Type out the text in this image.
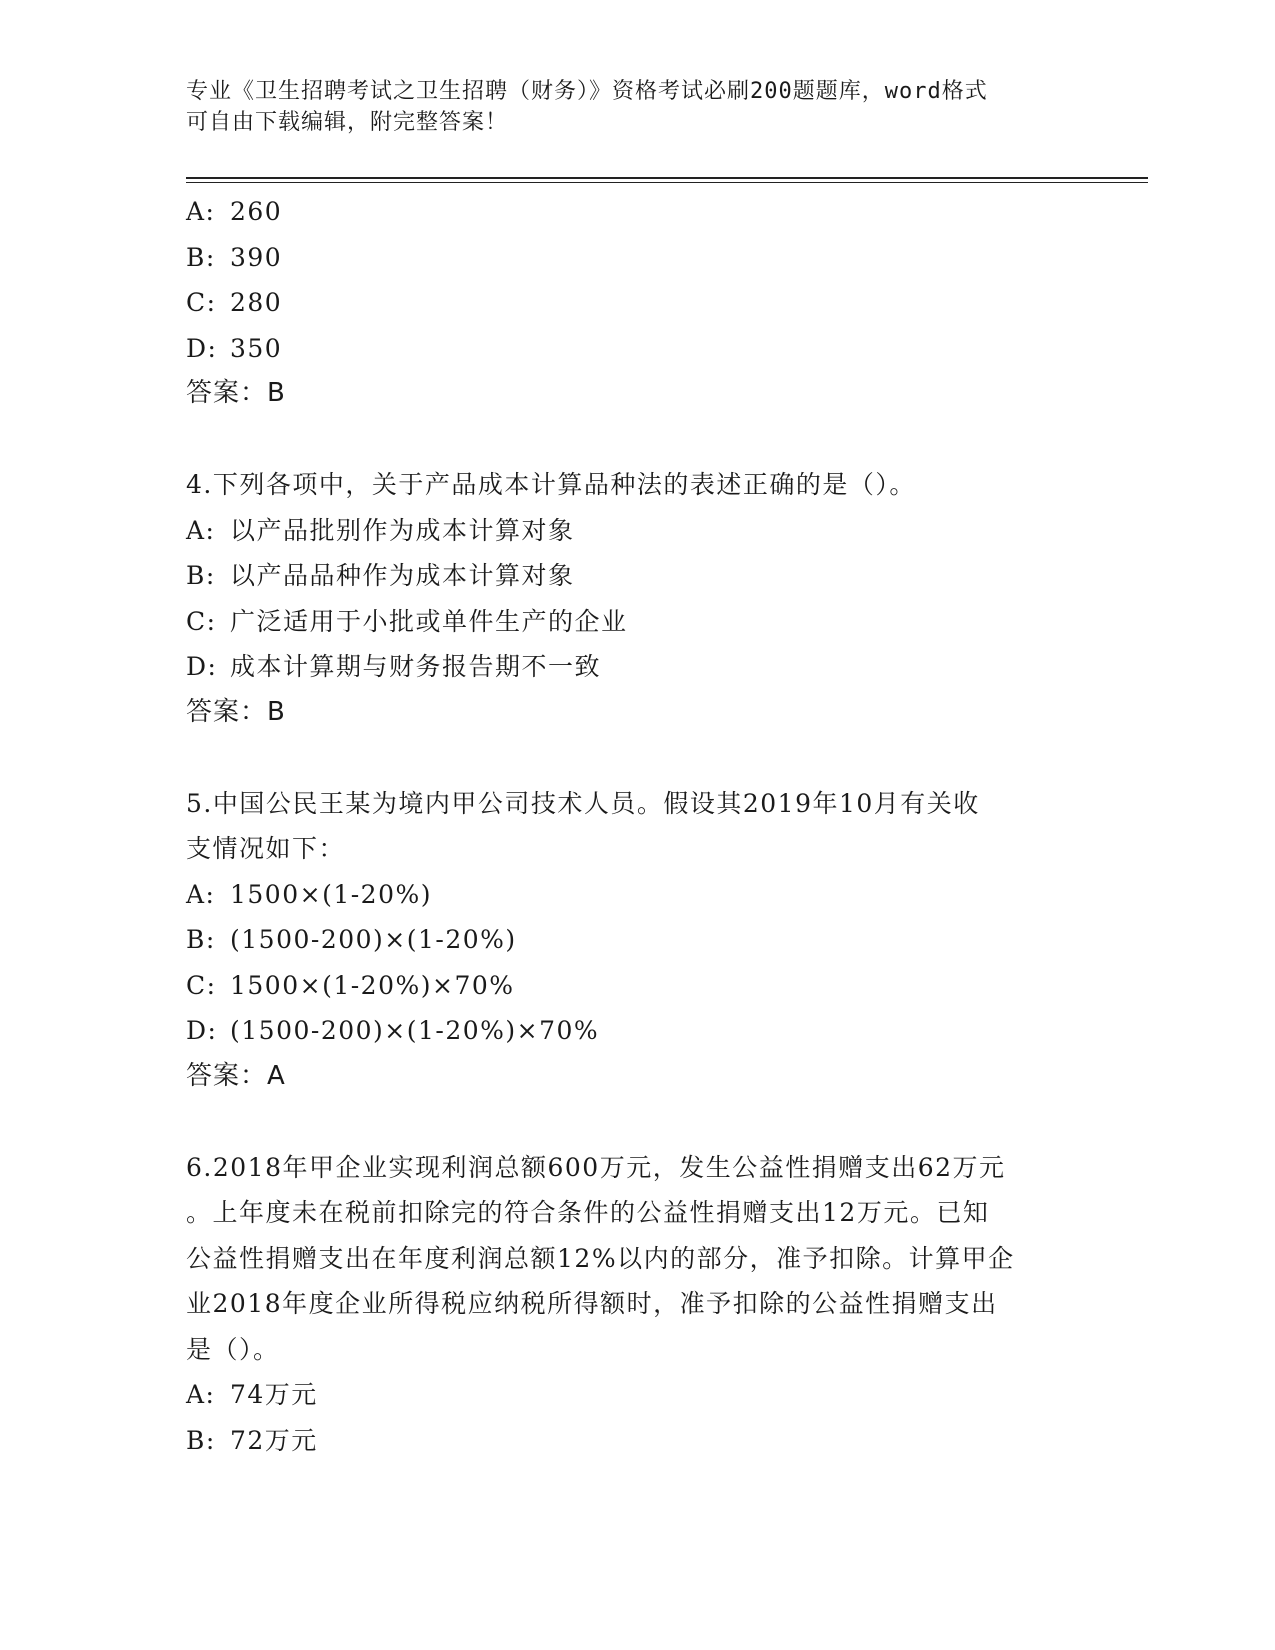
专业《卫生招聘考试之卫生招聘（财务）》资格考试必刷200题题库，word格式
可自由下载编辑，附完整答案！
A: 260
B: 390
C: 280
D: 350
答案：B
4.下列各项中，关于产品成本计算品种法的表述正确的是（）。
A: 以产品批别作为成本计算对象
B: 以产品品种作为成本计算对象
C: 广泛适用于小批或单件生产的企业
D: 成本计算期与财务报告期不一致
答案：B
5.中国公民王某为境内甲公司技术人员。假设其2019年10月有关收
支情况如下：
A: 1500×(1-20%)
B: (1500-200)×(1-20%)
C: 1500×(1-20%)×70%
D: (1500-200)×(1-20%)×70%
答案：A
6.2018年甲企业实现利润总额600万元，发生公益性捐赠支出62万元
。上年度未在税前扣除完的符合条件的公益性捐赠支出12万元。已知
公益性捐赠支出在年度利润总额12%以内的部分，准予扣除。计算甲企
业2018年度企业所得税应纳税所得额时，准予扣除的公益性捐赠支出
是（）。
A: 74万元
B: 72万元
